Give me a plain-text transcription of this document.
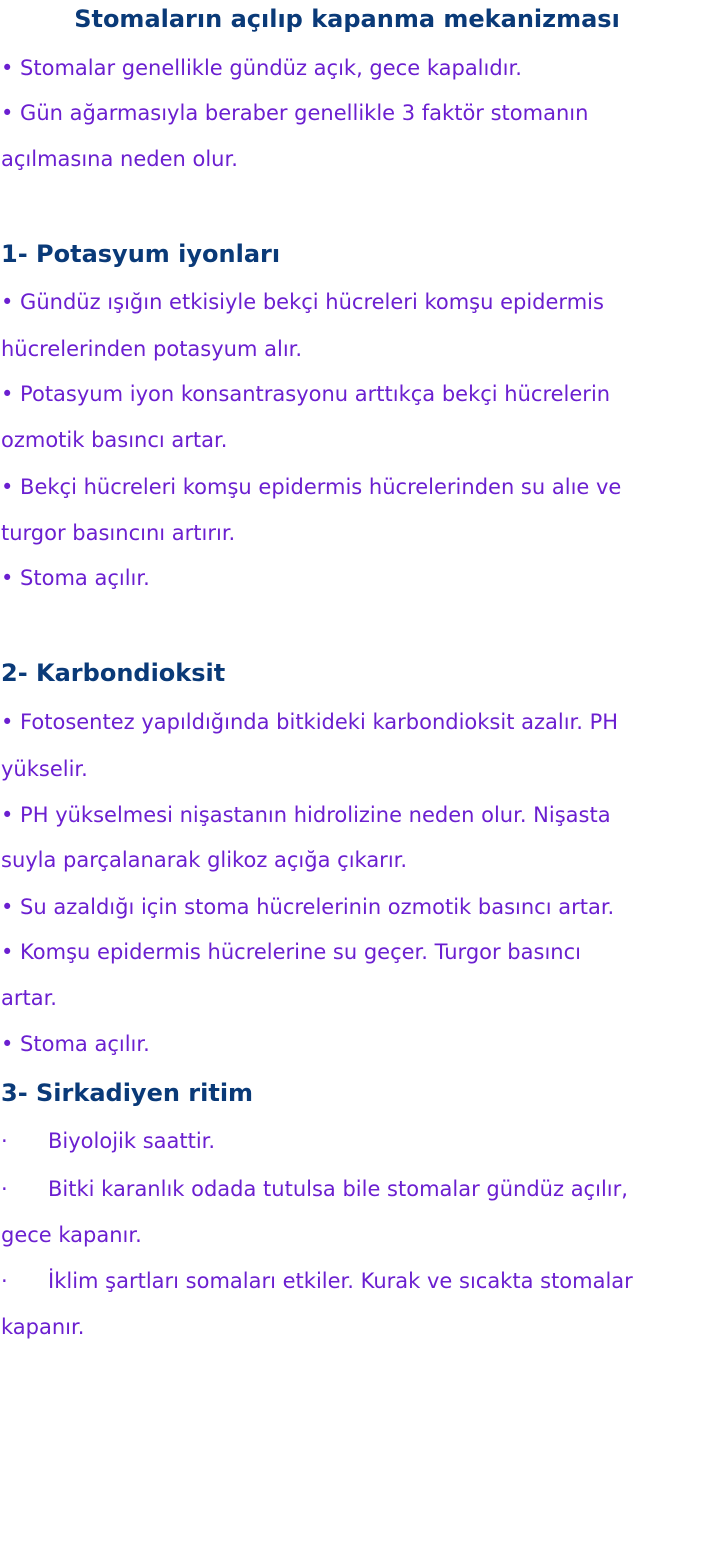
Stomaların açılıp kapanma mekanizması
• Stomalar genellikle gündüz açık, gece kapalıdır.
• Gün ağarmasıyla beraber genellikle 3 faktör stomanın
açılmasına neden olur.
1- Potasyum iyonları
• Gündüz ışığın etkisiyle bekçi hücreleri komşu epidermis
hücrelerinden potasyum alır.
• Potasyum iyon konsantrasyonu arttıkça bekçi hücrelerin
ozmotik basıncı artar.
• Bekçi hücreleri komşu epidermis hücrelerinden su alıe ve
turgor basıncını artırır.
• Stoma açılır.
2- Karbondioksit
• Fotosentez yapıldığında bitkideki karbondioksit azalır. PH
yükselir.
• PH yükselmesi nişastanın hidrolizine neden olur. Nişasta
suyla parçalanarak glikoz açığa çıkarır.
• Su azaldığı için stoma hücrelerinin ozmotik basıncı artar.
• Komşu epidermis hücrelerine su geçer. Turgor basıncı
artar.
• Stoma açılır.
3- Sirkadiyen ritim
· Biyolojik saattir.
· Bitki karanlık odada tutulsa bile stomalar gündüz açılır,
gece kapanır.
· İklim şartları somaları etkiler. Kurak ve sıcakta stomalar
kapanır.
